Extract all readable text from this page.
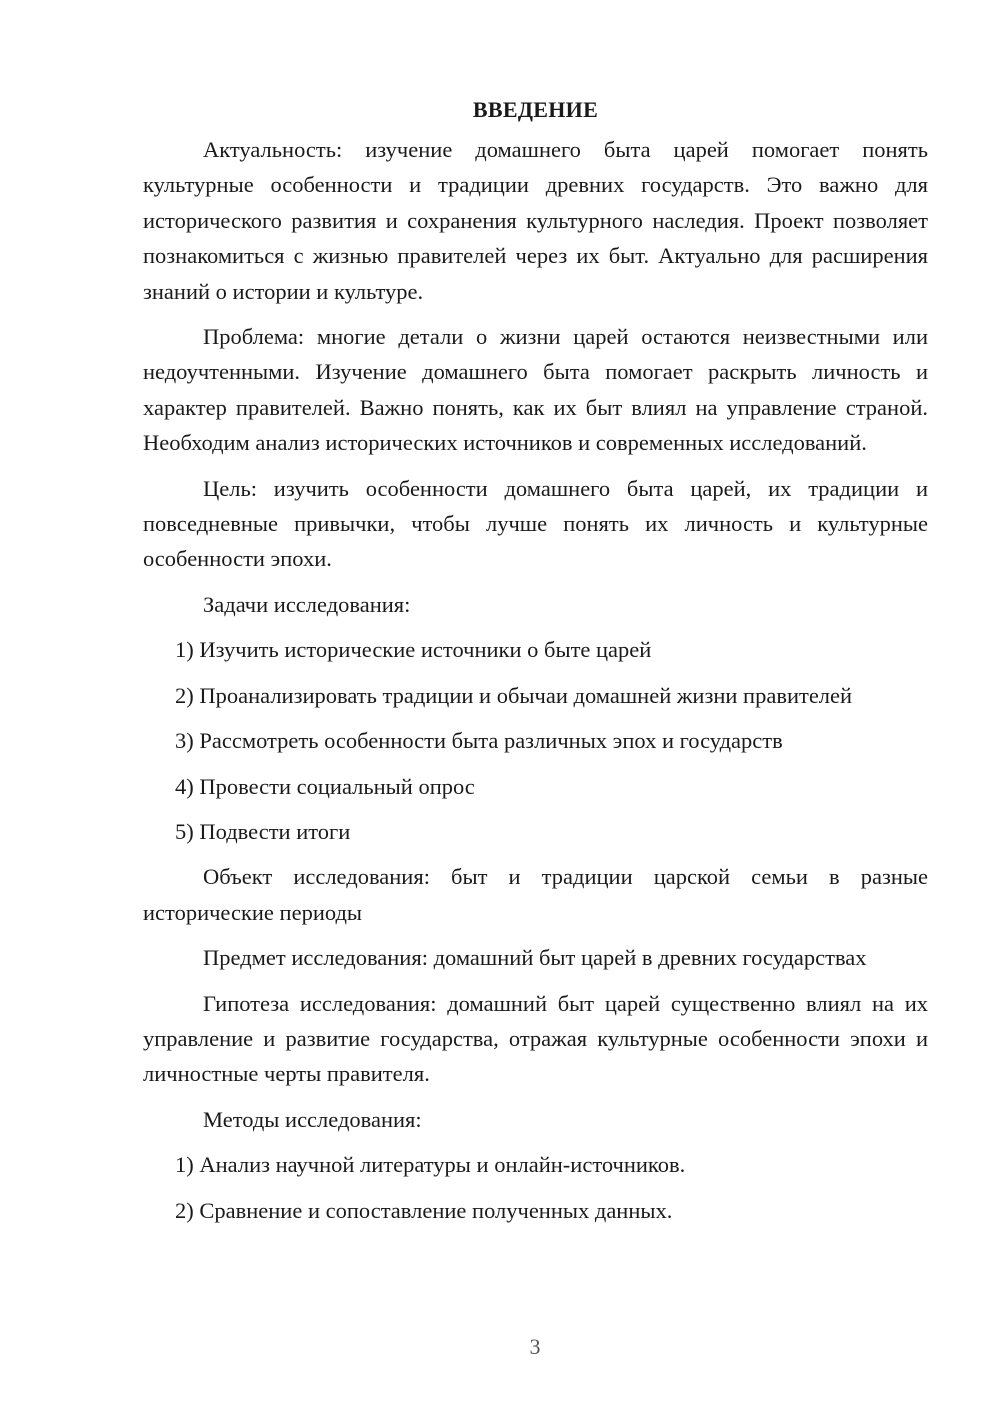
ВВЕДЕНИЕ

Актуальность: изучение домашнего быта царей помогает понять культурные особенности и традиции древних государств. Это важно для исторического развития и сохранения культурного наследия. Проект позволяет познакомиться с жизнью правителей через их быт. Актуально для расширения знаний о истории и культуре.

Проблема: многие детали о жизни царей остаются неизвестными или недоучтенными. Изучение домашнего быта помогает раскрыть личность и характер правителей. Важно понять, как их быт влиял на управление страной. Необходим анализ исторических источников и современных исследований.

Цель: изучить особенности домашнего быта царей, их традиции и повседневные привычки, чтобы лучше понять их личность и культурные особенности эпохи.

Задачи исследования:

1) Изучить исторические источники о быте царей

2) Проанализировать традиции и обычаи домашней жизни правителей

3) Рассмотреть особенности быта различных эпох и государств

4) Провести социальный опрос

5) Подвести итоги

Объект исследования: быт и традиции царской семьи в разные исторические периоды

Предмет исследования: домашний быт царей в древних государствах

Гипотеза исследования: домашний быт царей существенно влиял на их управление и развитие государства, отражая культурные особенности эпохи и личностные черты правителя.

Методы исследования:

1) Анализ научной литературы и онлайн-источников.

2) Сравнение и сопоставление полученных данных.

3
